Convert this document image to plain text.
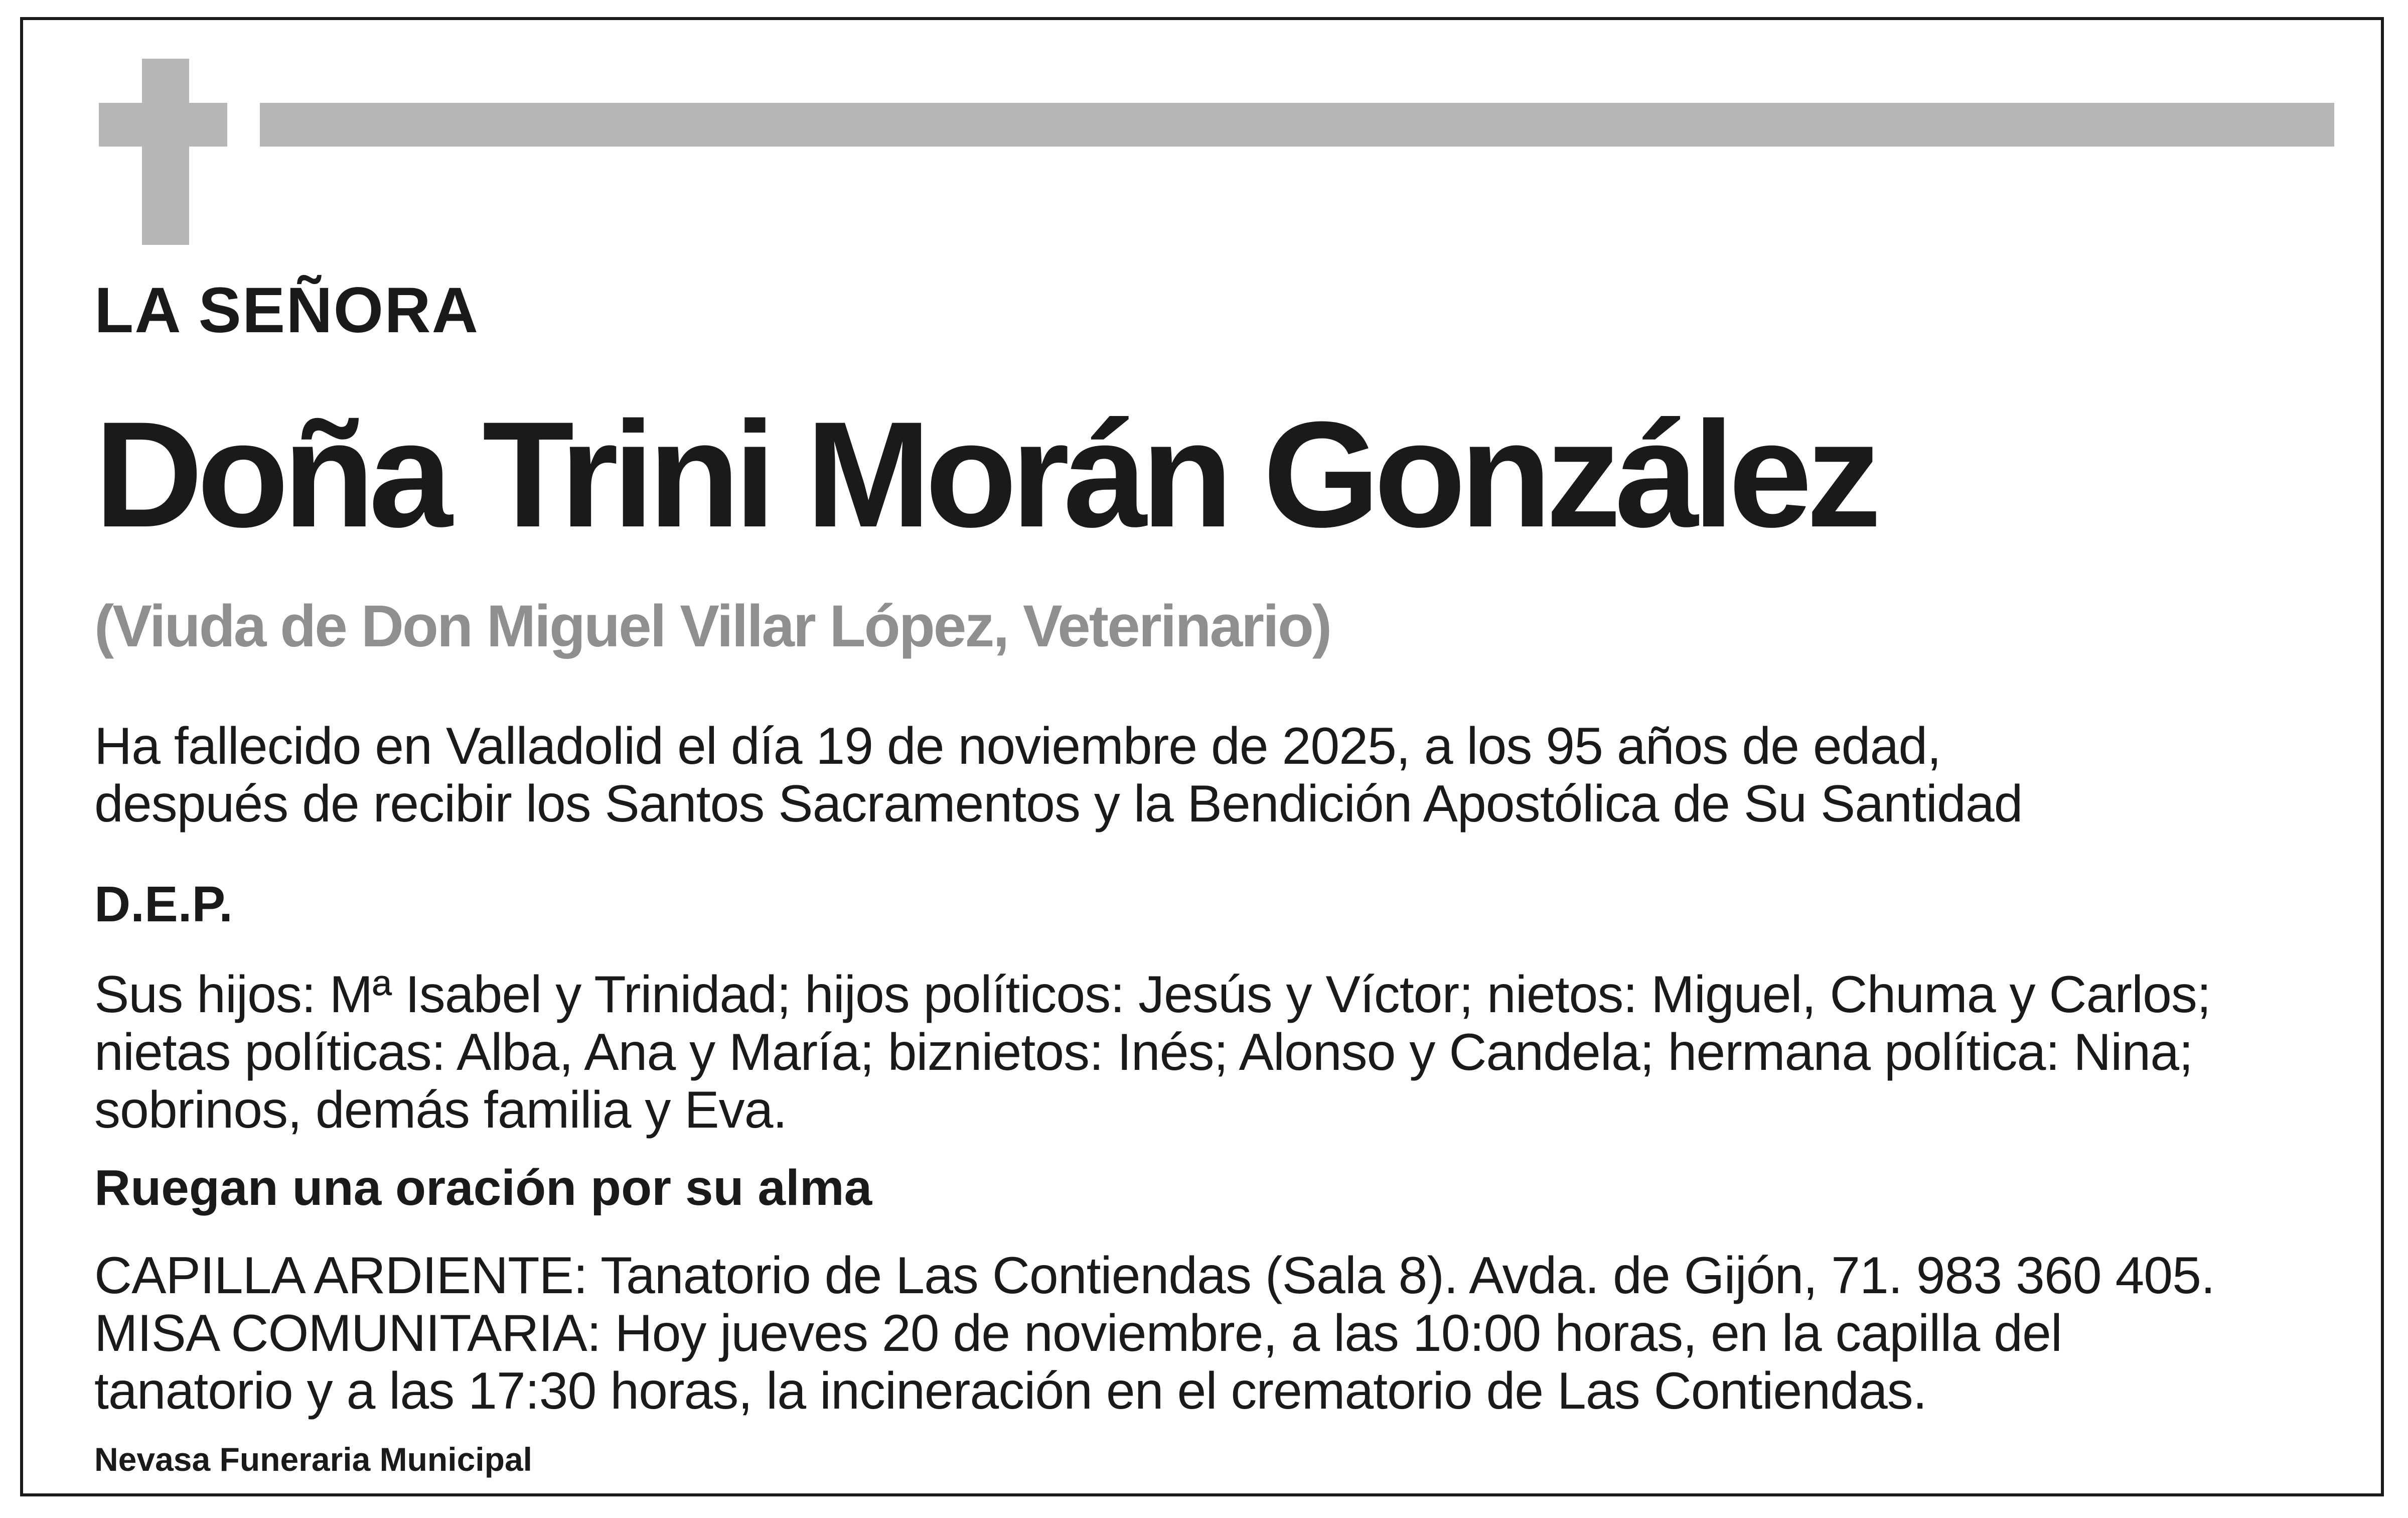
LA SEÑORA
Doña Trini Morán González

(Viuda de Don Miguel Villar López, Veterinario)

Ha fallecido en Valladolid el día 19 de noviembre de 2025, a los 95 años de edad,
después de recibir los Santos Sacramentos y la Bendición Apostólica de Su Santidad

D.E.P.

Sus hijos: Mª Isabel y Trinidad; hijos políticos: Jesús y Víctor; nietos: Miguel, Chuma y Carlos;
nietas políticas: Alba, Ana y María; biznietos: Inés; Alonso y Candela; hermana política: Nina;
sobrinos, demás familia y Eva.

Ruegan una oración por su alma

CAPILLA ARDIENTE: Tanatorio de Las Contiendas (Sala 8). Avda. de Gijón, 71. 983 360 405.
MISA COMUNITARIA: Hoy jueves 20 de noviembre, a las 10:00 horas, en la capilla del
tanatorio y a las 17:30 horas, la incineración en el crematorio de Las Contiendas.

Nevasa Funeraria Municipal
